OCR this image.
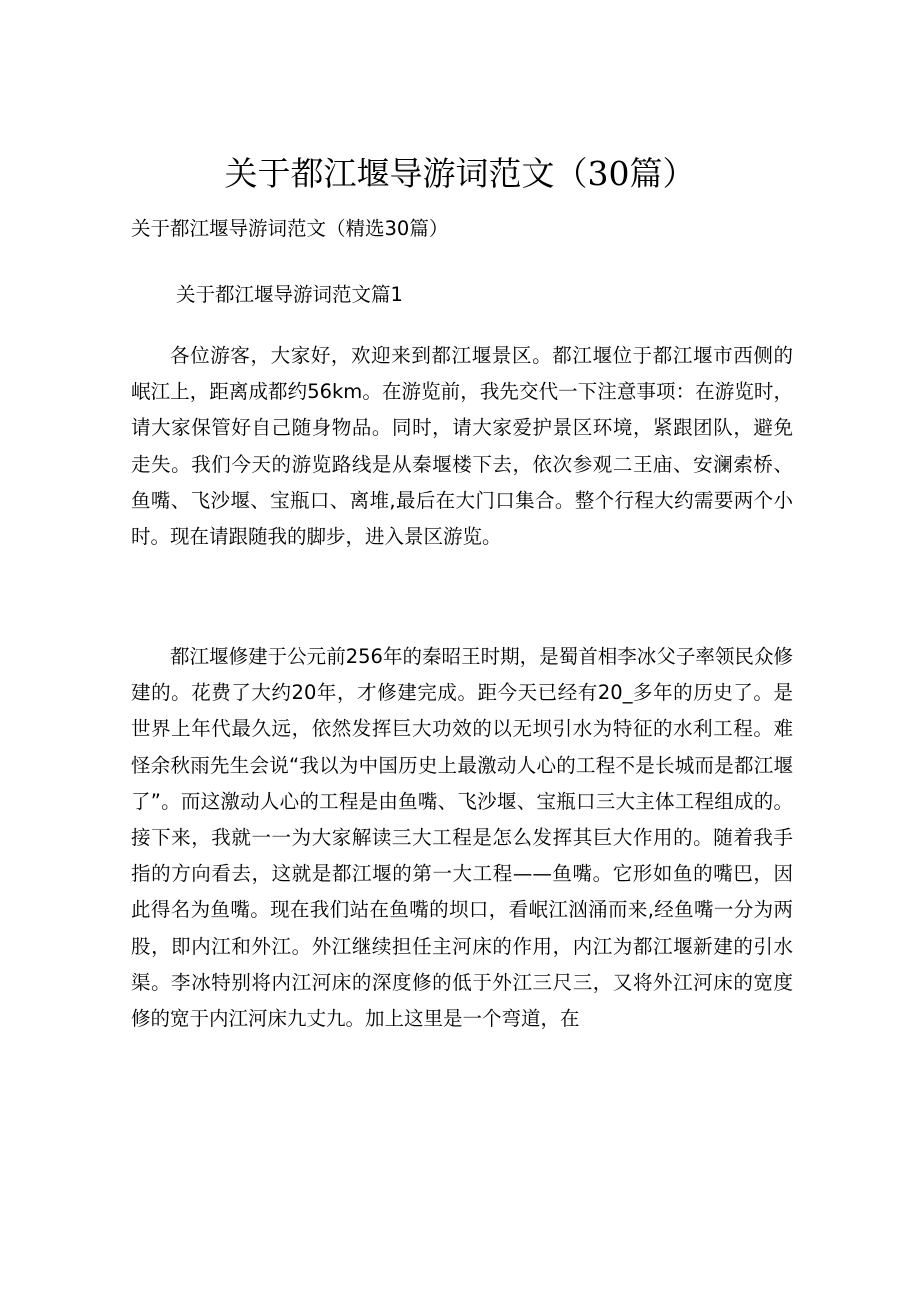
关于都江堰导游词范文（30篇）
关于都江堰导游词范文（精选30篇）
关于都江堰导游词范文篇1

各位游客，大家好，欢迎来到都江堰景区。都江堰位于都江堰市西侧的岷江上，距离成都约56km。在游览前，我先交代一下注意事项：在游览时，请大家保管好自己随身物品。同时，请大家爱护景区环境，紧跟团队，避免走失。我们今天的游览路线是从秦堰楼下去，依次参观二王庙、安澜索桥、鱼嘴、飞沙堰、宝瓶口、离堆,最后在大门口集合。整个行程大约需要两个小时。现在请跟随我的脚步，进入景区游览。

都江堰修建于公元前256年的秦昭王时期，是蜀首相李冰父子率领民众修建的。花费了大约20年，才修建完成。距今天已经有20_多年的历史了。是世界上年代最久远，依然发挥巨大功效的以无坝引水为特征的水利工程。难怪余秋雨先生会说“我以为中国历史上最激动人心的工程不是长城而是都江堰了”。而这激动人心的工程是由鱼嘴、飞沙堰、宝瓶口三大主体工程组成的。接下来，我就一一为大家解读三大工程是怎么发挥其巨大作用的。随着我手指的方向看去，这就是都江堰的第一大工程——鱼嘴。它形如鱼的嘴巴，因此得名为鱼嘴。现在我们站在鱼嘴的坝口，看岷江汹涌而来,经鱼嘴一分为两股，即内江和外江。外江继续担任主河床的作用，内江为都江堰新建的引水渠。李冰特别将内江河床的深度修的低于外江三尺三，又将外江河床的宽度修的宽于内江河床九丈九。加上这里是一个弯道，在
